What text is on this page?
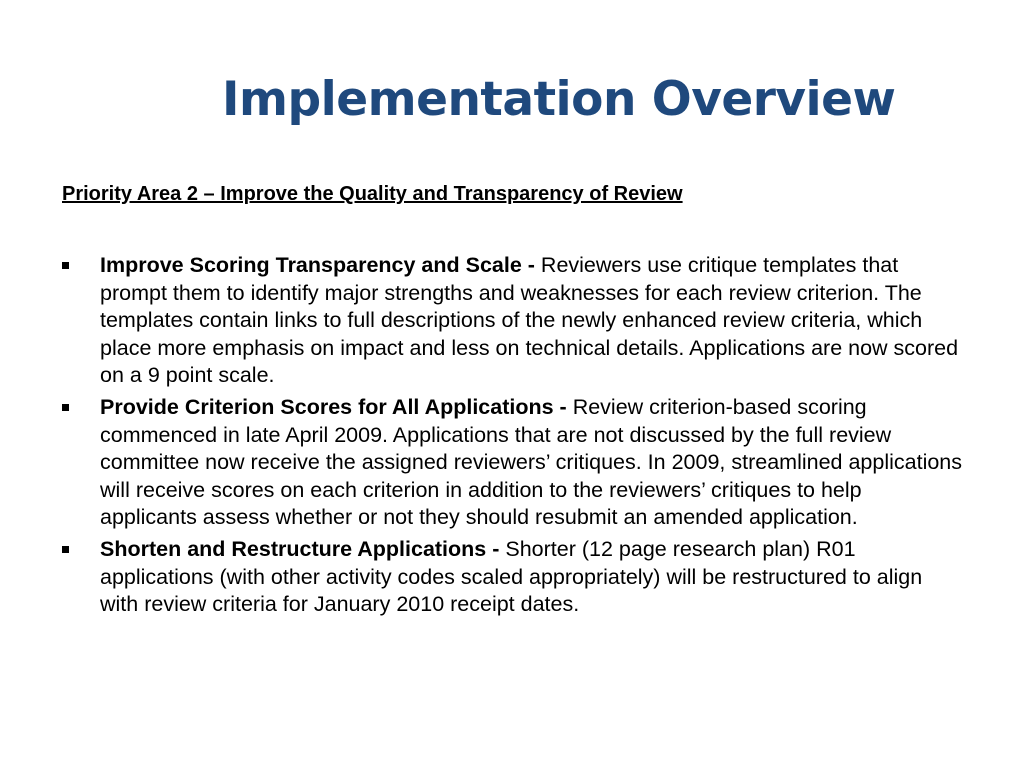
Implementation Overview
Priority Area 2 – Improve the Quality and Transparency of Review
Improve Scoring Transparency and Scale - Reviewers use critique templates that prompt them to identify major strengths and weaknesses for each review criterion. The templates contain links to full descriptions of the newly enhanced review criteria, which place more emphasis on impact and less on technical details. Applications are now scored on a 9 point scale.
Provide Criterion Scores for All Applications - Review criterion-based scoring commenced in late April 2009. Applications that are not discussed by the full review committee now receive the assigned reviewers’ critiques. In 2009, streamlined applications will receive scores on each criterion in addition to the reviewers’ critiques to help applicants assess whether or not they should resubmit an amended application.
Shorten and Restructure Applications - Shorter (12 page research plan) R01 applications (with other activity codes scaled appropriately) will be restructured to align with review criteria for January 2010 receipt dates.
